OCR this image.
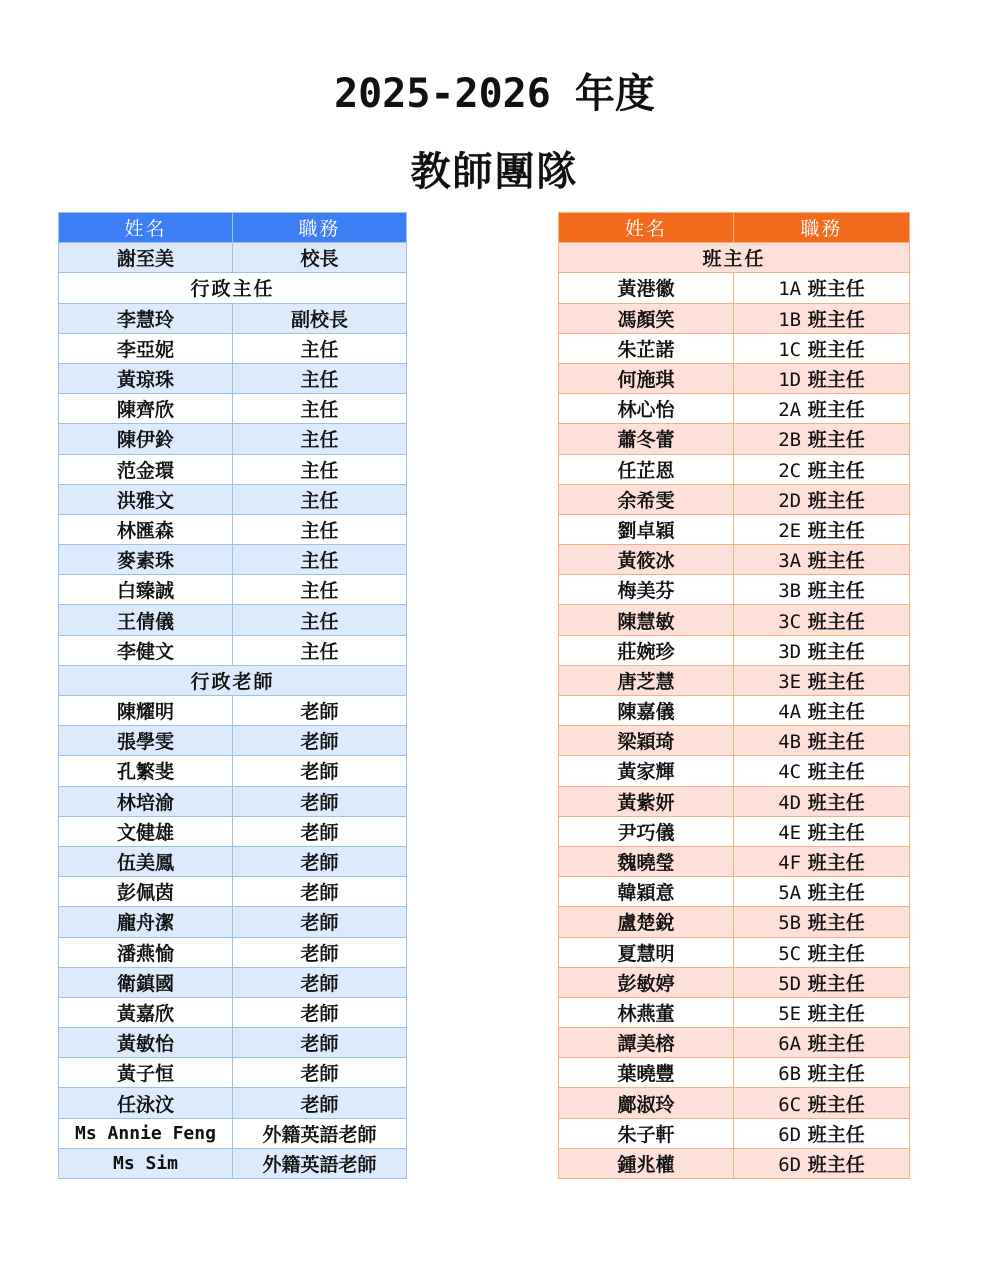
2025-2026 年度
教師團隊
姓名	職務
謝至美	校長
行政主任	
李慧玲	副校長
李亞妮	主任
黃琼珠	主任
陳齊欣	主任
陳伊鈴	主任
范金環	主任
洪雅文	主任
林匯森	主任
麥素珠	主任
白臻誠	主任
王倩儀	主任
李健文	主任
行政老師	
陳耀明	老師
張學雯	老師
孔繁斐	老師
林培渝	老師
文健雄	老師
伍美鳳	老師
彭佩茵	老師
龐舟潔	老師
潘燕愉	老師
衛鎮國	老師
黃嘉欣	老師
黃敏怡	老師
黃子恒	老師
任泳汶	老師
Ms Annie Feng	外籍英語老師
Ms Sim	外籍英語老師
姓名	職務
班主任	
黃港徽	1A 班主任
馮顏笑	1B 班主任
朱芷諾	1C 班主任
何施琪	1D 班主任
林心怡	2A 班主任
蕭冬蕾	2B 班主任
任芷恩	2C 班主任
余希雯	2D 班主任
劉卓穎	2E 班主任
黃筱冰	3A 班主任
梅美芬	3B 班主任
陳慧敏	3C 班主任
莊婉珍	3D 班主任
唐芝慧	3E 班主任
陳嘉儀	4A 班主任
梁穎琦	4B 班主任
黃家輝	4C 班主任
黃紫妍	4D 班主任
尹巧儀	4E 班主任
魏曉瑩	4F 班主任
韓穎意	5A 班主任
盧楚銳	5B 班主任
夏慧明	5C 班主任
彭敏婷	5D 班主任
林燕董	5E 班主任
譚美榕	6A 班主任
葉曉豐	6B 班主任
鄺淑玲	6C 班主任
朱子軒	6D 班主任
鍾兆權	6D 班主任
